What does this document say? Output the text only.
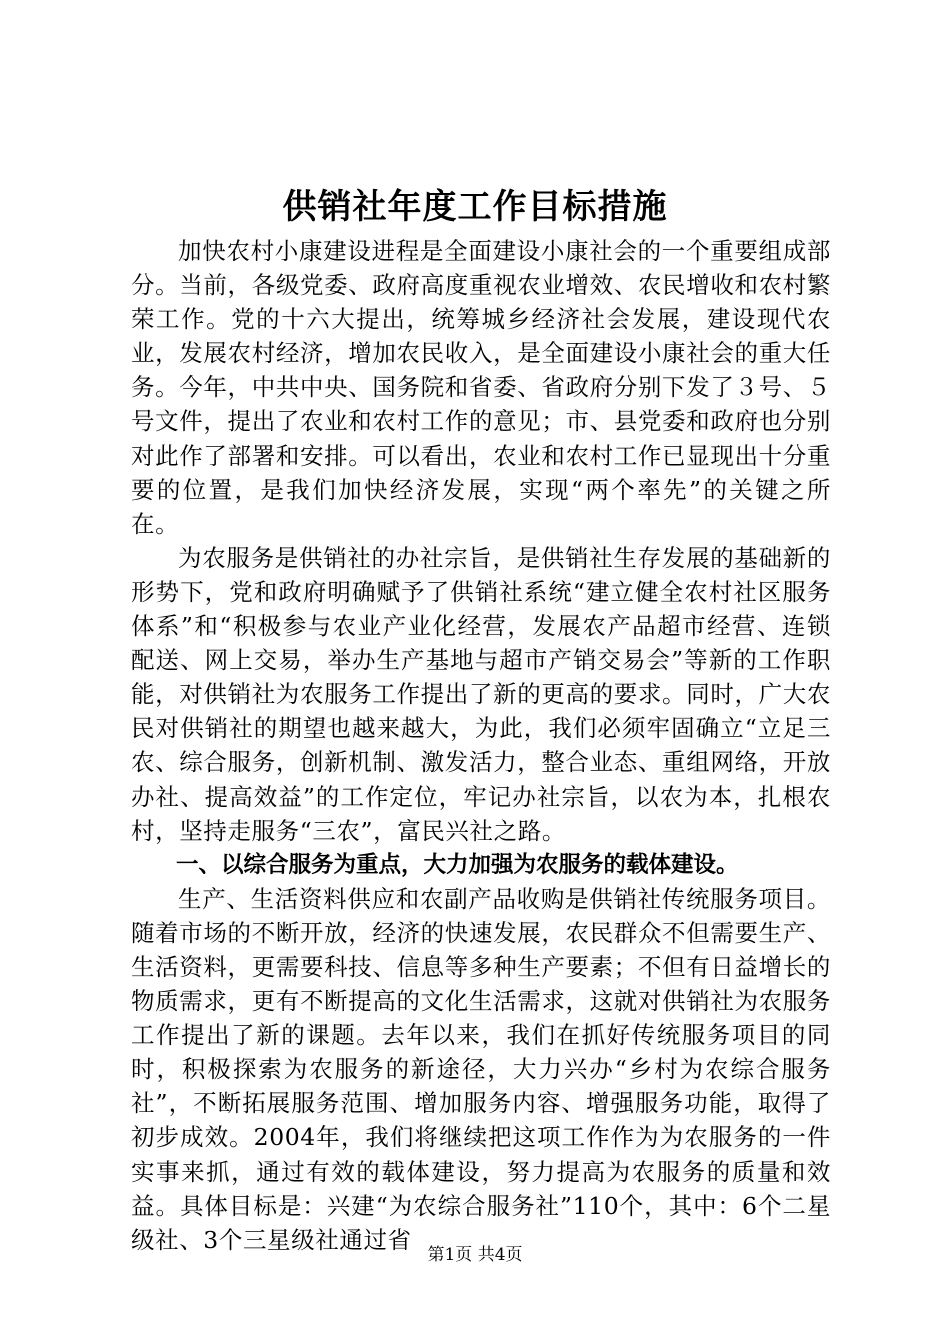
供销社年度工作目标措施

加快农村小康建设进程是全面建设小康社会的一个重要组成部分。当前，各级党委、政府高度重视农业增效、农民增收和农村繁荣工作。党的十六大提出，统筹城乡经济社会发展，建设现代农业，发展农村经济，增加农民收入，是全面建设小康社会的重大任务。今年，中共中央、国务院和省委、省政府分别下发了３号、５号文件，提出了农业和农村工作的意见；市、县党委和政府也分别对此作了部署和安排。可以看出，农业和农村工作已显现出十分重要的位置，是我们加快经济发展，实现“两个率先”的关键之所在。

为农服务是供销社的办社宗旨，是供销社生存发展的基础新的形势下，党和政府明确赋予了供销社系统“建立健全农村社区服务体系”和“积极参与农业产业化经营，发展农产品超市经营、连锁配送、网上交易，举办生产基地与超市产销交易会”等新的工作职能，对供销社为农服务工作提出了新的更高的要求。同时，广大农民对供销社的期望也越来越大，为此，我们必须牢固确立“立足三农、综合服务，创新机制、激发活力，整合业态、重组网络，开放办社、提高效益”的工作定位，牢记办社宗旨，以农为本，扎根农村，坚持走服务“三农”，富民兴社之路。

一、以综合服务为重点，大力加强为农服务的载体建设。

生产、生活资料供应和农副产品收购是供销社传统服务项目。随着市场的不断开放，经济的快速发展，农民群众不但需要生产、生活资料，更需要科技、信息等多种生产要素；不但有日益增长的物质需求，更有不断提高的文化生活需求，这就对供销社为农服务工作提出了新的课题。去年以来，我们在抓好传统服务项目的同时，积极探索为农服务的新途径，大力兴办“乡村为农综合服务社”，不断拓展服务范围、增加服务内容、增强服务功能，取得了初步成效。2004年，我们将继续把这项工作作为为农服务的一件实事来抓，通过有效的载体建设，努力提高为农服务的质量和效益。具体目标是：兴建“为农综合服务社”110个，其中：6个二星级社、3个三星级社通过省

第1页 共4页
